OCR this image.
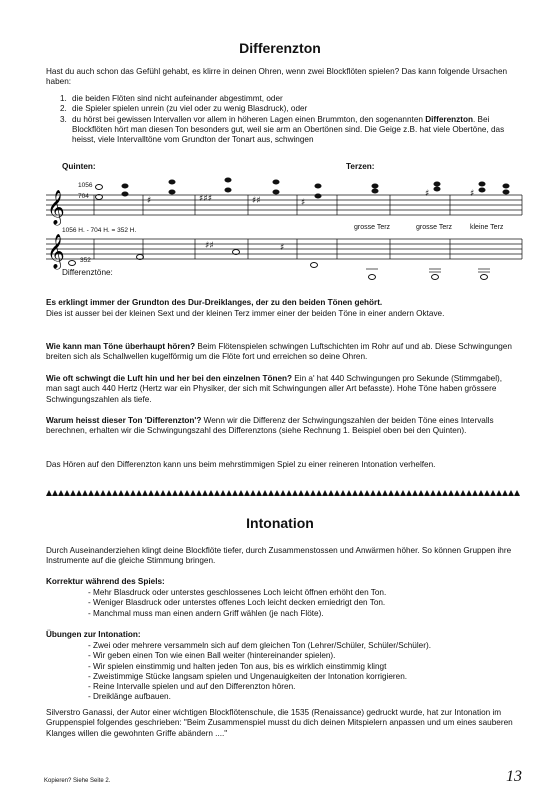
Differenzton
Hast du auch schon das Gefühl gehabt, es klirre in deinen Ohren, wenn zwei Blockflöten spielen? Das kann folgende Ursachen haben:
1. die beiden Flöten sind nicht aufeinander abgestimmt, oder
2. die Spieler spielen unrein (zu viel oder zu wenig Blasdruck), oder
3. du hörst bei gewissen Intervallen vor allem in höheren Lagen einen Brummton, den sogenannten Differenzton. Bei Blockflöten hört man diesen Ton besonders gut, weil sie arm an Obertönen sind. Die Geige z.B. hat viele Obertöne, das heisst, viele Intervalltöne vom Grundton der Tonart aus, schwingen
𝄞
𝄞
♯	♯♯♯	♯♯	♯
♯	♯
♯♯	♯
Quinten:	Terzen:
1056
704
1056 H. - 704 H. = 352 H.
352
Differenztöne:
grosse Terz	grosse Terz	kleine Terz
Es erklingt immer der Grundton des Dur-Dreiklanges, der zu den beiden Tönen gehört.
Dies ist ausser bei der kleinen Sext und der kleinen Terz immer einer der beiden Töne in einer andern Oktave.
Wie kann man Töne überhaupt hören? Beim Flötenspielen schwingen Luftschichten im Rohr auf und ab. Diese Schwingungen breiten sich als Schallwellen kugelförmig um die Flöte fort und erreichen so deine Ohren.
Wie oft schwingt die Luft hin und her bei den einzelnen Tönen? Ein a' hat 440 Schwingungen pro Sekunde (Stimmgabel), man sagt auch 440 Hertz (Hertz war ein Physiker, der sich mit Schwingungen aller Art befasste). Hohe Töne haben grössere Schwingungszahlen als tiefe.
Warum heisst dieser Ton 'Differenzton'? Wenn wir die Differenz der Schwingungszahlen der beiden Töne eines Intervalls berechnen, erhalten wir die Schwingungszahl des Differenztons (siehe Rechnung 1. Beispiel oben bei den Quinten).
Das Hören auf den Differenzton kann uns beim mehrstimmigen Spiel zu einer reineren Intonation verhelfen.
Intonation
Durch Auseinanderziehen klingt deine Blockflöte tiefer, durch Zusammenstossen und Anwärmen höher. So können Gruppen ihre Instrumente auf die gleiche Stimmung bringen.
Korrektur während des Spiels:
- Mehr Blasdruck oder unterstes geschlossenes Loch leicht öffnen erhöht den Ton.
- Weniger Blasdruck oder unterstes offenes Loch leicht decken erniedrigt den Ton.
- Manchmal muss man einen andern Griff wählen (je nach Flöte).
Übungen zur Intonation:
- Zwei oder mehrere versammeln sich auf dem gleichen Ton (Lehrer/Schüler, Schüler/Schüler).
- Wir geben einen Ton wie einen Ball weiter (hintereinander spielen).
- Wir spielen einstimmig und halten jeden Ton aus, bis es wirklich einstimmig klingt
- Zweistimmige Stücke langsam spielen und Ungenauigkeiten der Intonation korrigieren.
- Reine Intervalle spielen und auf den Differenzton hören.
- Dreiklänge aufbauen.
Silverstro Ganassi, der Autor einer wichtigen Blockflötenschule, die 1535 (Renaissance) gedruckt wurde, hat zur Intonation im Gruppenspiel folgendes geschrieben: "Beim Zusammenspiel musst du dich deinen Mitspielern anpassen und um eines sauberen Klanges willen die gewohnten Griffe abändern ...."
Kopieren? Siehe Seite 2.	13
